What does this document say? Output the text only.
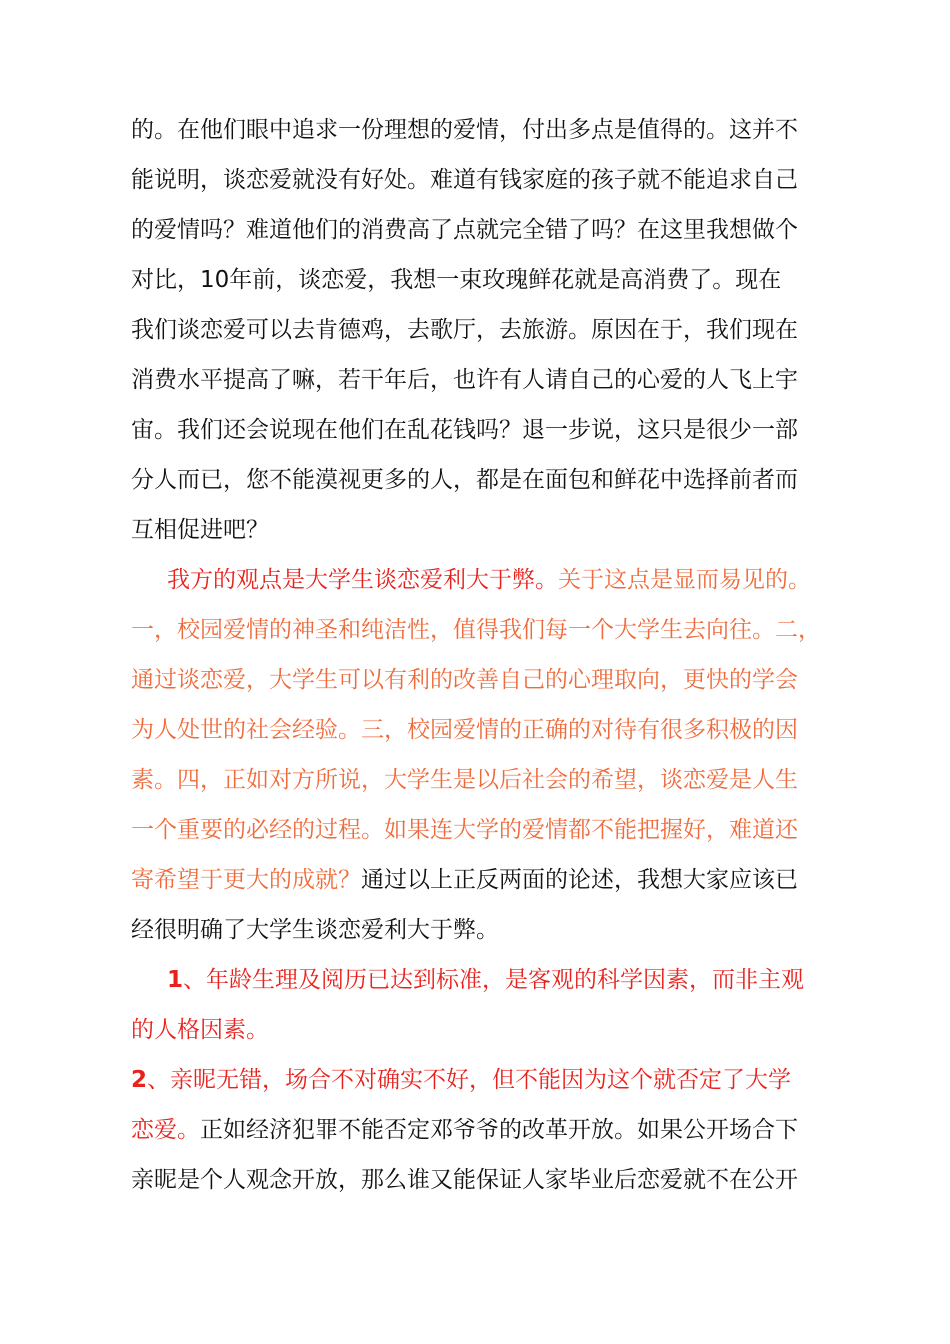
的。在他们眼中追求一份理想的爱情，付出多点是值得的。这并不
能说明，谈恋爱就没有好处。难道有钱家庭的孩子就不能追求自己
的爱情吗？难道他们的消费高了点就完全错了吗？在这里我想做个
对比，10年前，谈恋爱，我想一束玫瑰鲜花就是高消费了。现在
我们谈恋爱可以去肯德鸡，去歌厅，去旅游。原因在于，我们现在
消费水平提高了嘛，若干年后，也许有人请自己的心爱的人飞上宇
宙。我们还会说现在他们在乱花钱吗？退一步说，这只是很少一部
分人而已，您不能漠视更多的人，都是在面包和鲜花中选择前者而
互相促进吧？
我方的观点是大学生谈恋爱利大于弊。关于这点是显而易见的。
一，校园爱情的神圣和纯洁性，值得我们每一个大学生去向往。二，
通过谈恋爱，大学生可以有利的改善自己的心理取向，更快的学会
为人处世的社会经验。三，校园爱情的正确的对待有很多积极的因
素。四，正如对方所说，大学生是以后社会的希望，谈恋爱是人生
一个重要的必经的过程。如果连大学的爱情都不能把握好，难道还
寄希望于更大的成就？通过以上正反两面的论述，我想大家应该已
经很明确了大学生谈恋爱利大于弊。
1、年龄生理及阅历已达到标准，是客观的科学因素，而非主观
的人格因素。
2、亲昵无错，场合不对确实不好，但不能因为这个就否定了大学
恋爱。正如经济犯罪不能否定邓爷爷的改革开放。如果公开场合下
亲昵是个人观念开放，那么谁又能保证人家毕业后恋爱就不在公开
